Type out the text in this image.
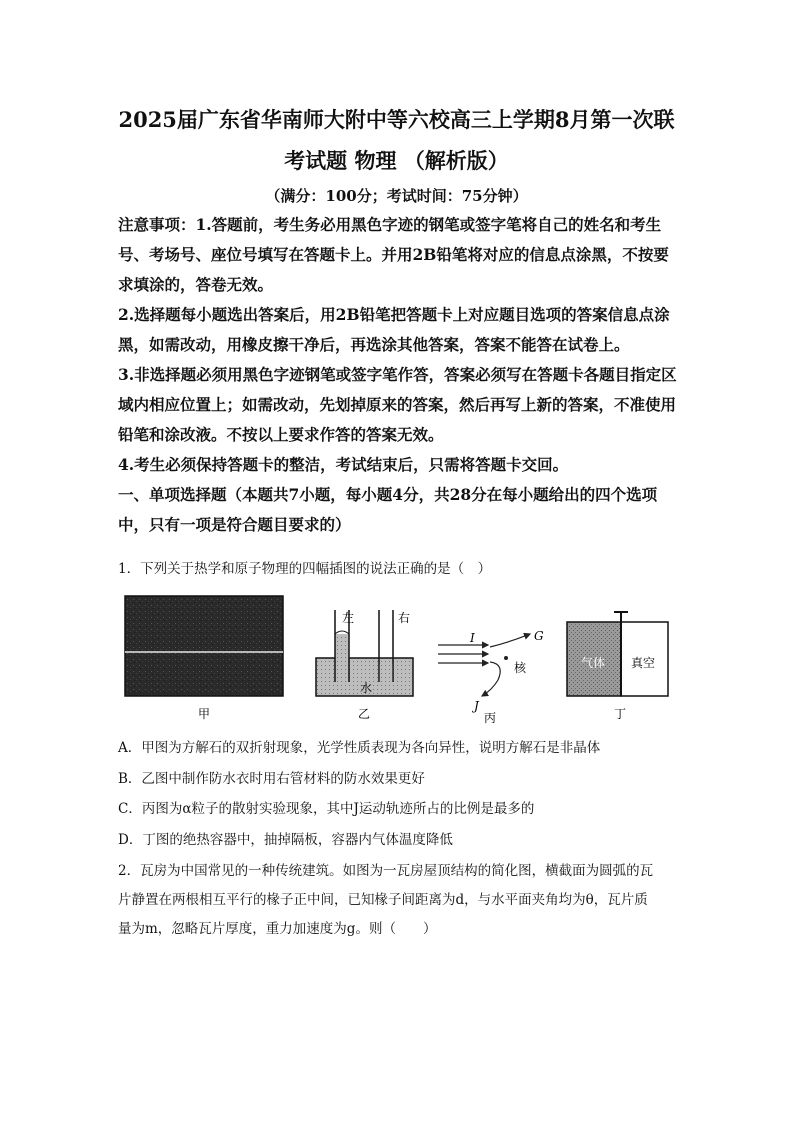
2025届广东省华南师大附中等六校高三上学期8月第一次联
考试题 物理 （解析版）
（满分：100分；考试时间：75分钟）

注意事项：1.答题前，考生务必用黑色字迹的钢笔或签字笔将自己的姓名和考生号、考场号、座位号填写在答题卡上。并用2B铅笔将对应的信息点涂黑，不按要求填涂的，答卷无效。

2.选择题每小题选出答案后，用2B铅笔把答题卡上对应题目选项的答案信息点涂黑，如需改动，用橡皮擦干净后，再选涂其他答案，答案不能答在试卷上。

3.非选择题必须用黑色字迹钢笔或签字笔作答，答案必须写在答题卡各题目指定区域内相应位置上；如需改动，先划掉原来的答案，然后再写上新的答案，不准使用铅笔和涂改液。不按以上要求作答的答案无效。

4.考生必须保持答题卡的整洁，考试结束后，只需将答题卡交回。

一、单项选择题（本题共7小题，每小题4分，共28分在每小题给出的四个选项中，只有一项是符合题目要求的）

1．下列关于热学和原子物理的四幅插图的说法正确的是（　）
甲
左	右
水
乙
I	G
核
J
丙
气体 真空
丁

A．甲图为方解石的双折射现象，光学性质表现为各向异性，说明方解石是非晶体

B．乙图中制作防水衣时用右管材料的防水效果更好

C．丙图为α粒子的散射实验现象，其中J运动轨迹所占的比例是最多的

D．丁图的绝热容器中，抽掉隔板，容器内气体温度降低

2．瓦房为中国常见的一种传统建筑。如图为一瓦房屋顶结构的简化图，横截面为圆弧的瓦

片静置在两根相互平行的椽子正中间，已知椽子间距离为d，与水平面夹角均为θ，瓦片质

量为m，忽略瓦片厚度，重力加速度为g。则（　　）
